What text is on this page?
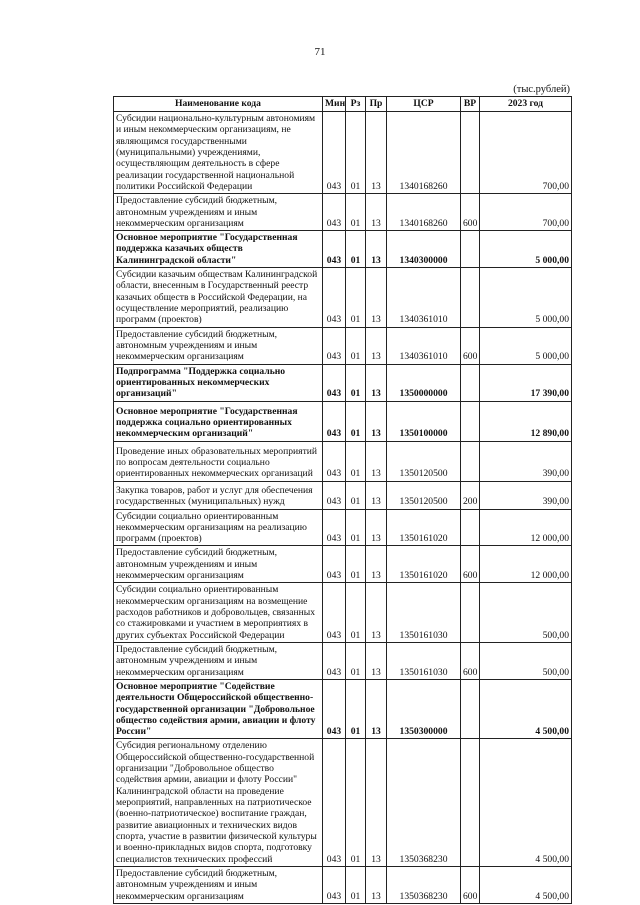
71
(тыс.рублей)
Наименование кода	Мин	Рз	Пр	ЦСР	ВР	2023 год
Субсидии национально-культурным автономиям и иным некоммерческим организациям, не являющимся государственными (муниципальными) учреждениями, осуществляющим деятельность в сфере реализации государственной национальной политики Российской Федерации	043	01	13	1340168260		700,00
Предоставление субсидий бюджетным, автономным учреждениям и иным некоммерческим организациям	043	01	13	1340168260	600	700,00
Основное мероприятие "Государственная поддержка казачьих обществ Калининградской области"	043	01	13	1340300000		5 000,00
Субсидии казачьим обществам Калининградской области, внесенным в Государственный реестр казачьих обществ в Российской Федерации, на осуществление мероприятий, реализацию программ (проектов)	043	01	13	1340361010		5 000,00
Предоставление субсидий бюджетным, автономным учреждениям и иным некоммерческим организациям	043	01	13	1340361010	600	5 000,00
Подпрограмма "Поддержка социально ориентированных некоммерческих организаций"	043	01	13	1350000000		17 390,00
Основное мероприятие "Государственная поддержка социально ориентированных некоммерческим организаций"	043	01	13	1350100000		12 890,00
Проведение иных образовательных мероприятий по вопросам деятельности социально ориентированных некоммерческих организаций	043	01	13	1350120500		390,00
Закупка товаров, работ и услуг для обеспечения государственных (муниципальных) нужд	043	01	13	1350120500	200	390,00
Субсидии социально ориентированным некоммерческим организациям на реализацию программ (проектов)	043	01	13	1350161020		12 000,00
Предоставление субсидий бюджетным, автономным учреждениям и иным некоммерческим организациям	043	01	13	1350161020	600	12 000,00
Субсидии социально ориентированным некоммерческим организациям на возмещение расходов работников и добровольцев, связанных со стажировками и участием в мероприятиях в других субъектах Российской Федерации	043	01	13	1350161030		500,00
Предоставление субсидий бюджетным, автономным учреждениям и иным некоммерческим организациям	043	01	13	1350161030	600	500,00
Основное мероприятие "Содействие деятельности Общероссийской общественно-государственной организации "Добровольное общество содействия армии, авиации и флоту России"	043	01	13	1350300000		4 500,00
Субсидия региональному отделению Общероссийской общественно-государственной организации "Добровольное общество содействия армии, авиации и флоту России" Калининградской области на проведение мероприятий, направленных на патриотическое (военно-патриотическое) воспитание граждан, развитие авиационных и технических видов спорта, участие в развитии физической культуры и военно-прикладных видов спорта, подготовку специалистов технических профессий	043	01	13	1350368230		4 500,00
Предоставление субсидий бюджетным, автономным учреждениям и иным некоммерческим организациям	043	01	13	1350368230	600	4 500,00
